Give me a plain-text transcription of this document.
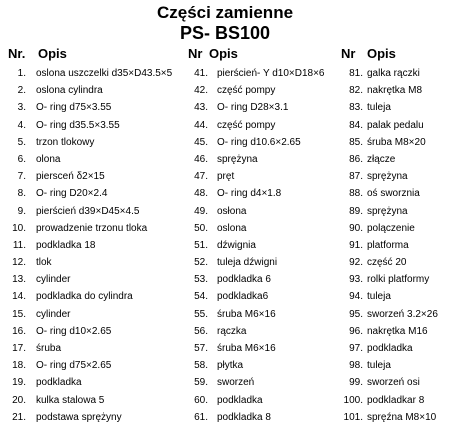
Części zamienne
PS- BS100
Nr. Opis
1. oslona uszczelki d35×D43.5×5
2. oslona cylindra
3. O- ring d75×3.55
4. O- ring d35.5×3.55
5. trzon tlokowy
6. olona
7. piersceń δ2×15
8. O- ring D20×2.4
9. pierścień d39×D45×4.5
10. prowadzenie trzonu tloka
11. podkladka 18
12. tlok
13. cylinder
14. podkladka do cylindra
15. cylinder
16. O- ring d10×2.65
17. śruba
18. O- ring d75×2.65
19. podkladka
20. kulka stalowa 5
21. podstawa sprężyny
Nr Opis
41. pierścień- Y d10×D18×6
42. część pompy
43. O- ring D28×3.1
44. część pompy
45. O- ring d10.6×2.65
46. sprężyna
47. pręt
48. O- ring d4×1.8
49. osłona
50. oslona
51. dźwignia
52. tuleja dźwigni
53. podkladka 6
54. podkladka6
55. śruba M6×16
56. rączka
57. śruba M6×16
58. płytka
59. sworzeń
60. podkladka
61. podkladka 8
Nr Opis
81. galka rączki
82. nakrętka M8
83. tuleja
84. palak pedalu
85. śruba M8×20
86. złącze
87. sprężyna
88. oś sworznia
89. sprężyna
90. polączenie
91. platforma
92. część 20
93. rolki platformy
94. tuleja
95. sworzeń 3.2×26
96. nakrętka M16
97. podkladka
98. tuleja
99. sworzeń osi
100. podkladkar 8
101. spręźna M8×10
